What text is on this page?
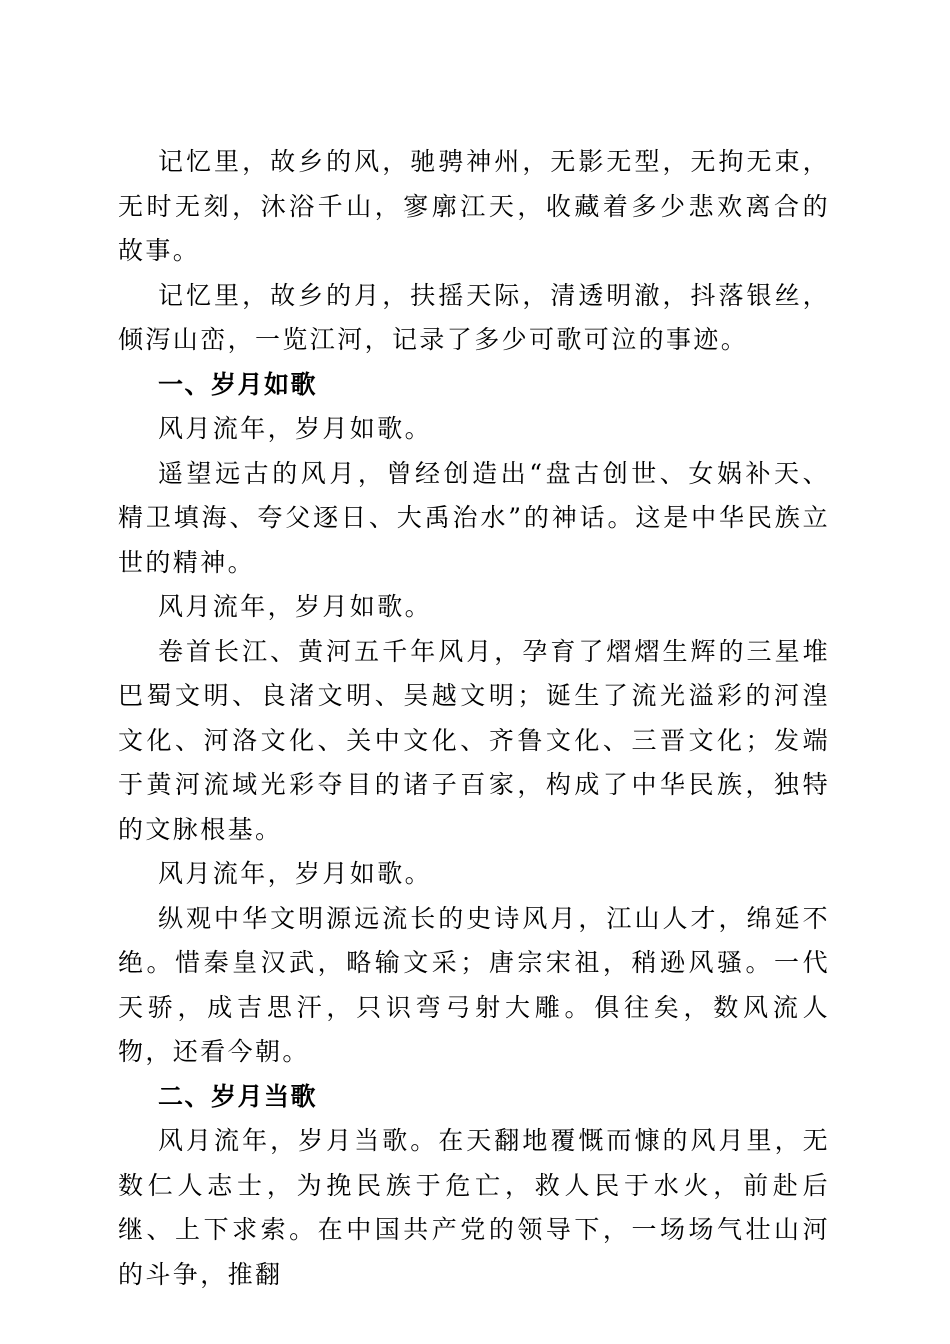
记忆里，故乡的风，驰骋神州，无影无型，无拘无束，无时无刻，沐浴千山，寥廓江天，收藏着多少悲欢离合的故事。

记忆里，故乡的月，扶摇天际，清透明澈，抖落银丝，倾泻山峦，一览江河，记录了多少可歌可泣的事迹。

一、岁月如歌

风月流年，岁月如歌。

遥望远古的风月，曾经创造出“盘古创世、女娲补天、精卫填海、夸父逐日、大禹治水”的神话。这是中华民族立世的精神。

风月流年，岁月如歌。

卷首长江、黄河五千年风月，孕育了熠熠生辉的三星堆巴蜀文明、良渚文明、吴越文明；诞生了流光溢彩的河湟文化、河洛文化、关中文化、齐鲁文化、三晋文化；发端于黄河流域光彩夺目的诸子百家，构成了中华民族，独特的文脉根基。

风月流年，岁月如歌。

纵观中华文明源远流长的史诗风月，江山人才，绵延不绝。惜秦皇汉武，略输文采；唐宗宋祖，稍逊风骚。一代天骄，成吉思汗，只识弯弓射大雕。俱往矣，数风流人物，还看今朝。

二、岁月当歌

风月流年，岁月当歌。在天翻地覆慨而慷的风月里，无数仁人志士，为挽民族于危亡，救人民于水火，前赴后继、上下求索。在中国共产党的领导下，一场场气壮山河的斗争，推翻
